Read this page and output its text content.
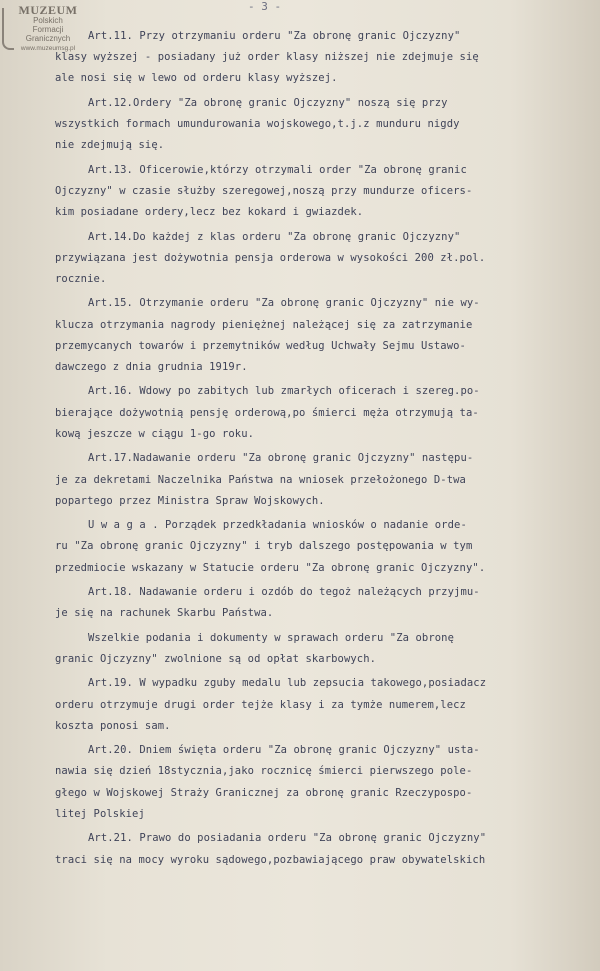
MUZEUM
Polskich
Formacji
Granicznych
www.muzeumsg.pl
- 3 -
Art.11. Przy otrzymaniu orderu "Za obronę granic Ojczyzny"
klasy wyższej - posiadany już order klasy niższej nie zdejmuje się
ale nosi się w lewo od orderu klasy wyższej.
Art.12.Ordery "Za obronę granic Ojczyzny" noszą się przy
wszystkich formach umundurowania wojskowego,t.j.z munduru nigdy
nie zdejmują się.
Art.13. Oficerowie,którzy otrzymali order "Za obronę granic
Ojczyzny" w czasie służby szeregowej,noszą przy mundurze oficers-
kim posiadane ordery,lecz bez kokard i gwiazdek.
Art.14.Do każdej z klas orderu "Za obronę granic Ojczyzny"
przywiązana jest dożywotnia pensja orderowa w wysokości 200 zł.pol.
rocznie.
Art.15. Otrzymanie orderu "Za obronę granic Ojczyzny" nie wy-
klucza otrzymania nagrody pieniężnej należącej się za zatrzymanie
przemycanych towarów i przemytników według Uchwały Sejmu Ustawo-
dawczego z dnia grudnia 1919r.
Art.16. Wdowy po zabitych lub zmarłych oficerach i szereg.po-
bierające dożywotnią pensję orderową,po śmierci męża otrzymują ta-
kową jeszcze w ciągu 1-go roku.
Art.17.Nadawanie orderu "Za obronę granic Ojczyzny" następu-
je za dekretami Naczelnika Państwa na wniosek przełożonego D-twa
popartego przez Ministra Spraw Wojskowych.
U w a g a . Porządek przedkładania wniosków o nadanie orde-
ru "Za obronę granic Ojczyzny" i tryb dalszego postępowania w tym
przedmiocie wskazany w Statucie orderu "Za obronę granic Ojczyzny".
Art.18. Nadawanie orderu i ozdób do tegoż należących przyjmu-
je się na rachunek Skarbu Państwa.
Wszelkie podania i dokumenty w sprawach orderu "Za obronę
granic Ojczyzny" zwolnione są od opłat skarbowych.
Art.19. W wypadku zguby medalu lub zepsucia takowego,posiadacz
orderu otrzymuje drugi order tejże klasy i za tymże numerem,lecz
koszta ponosi sam.
Art.20. Dniem święta orderu "Za obronę granic Ojczyzny" usta-
nawia się dzień 18stycznia,jako rocznicę śmierci pierwszego pole-
głego w Wojskowej Straży Granicznej za obronę granic Rzeczypospo-
litej Polskiej
Art.21. Prawo do posiadania orderu "Za obronę granic Ojczyzny"
traci się na mocy wyroku sądowego,pozbawiającego praw obywatelskich
